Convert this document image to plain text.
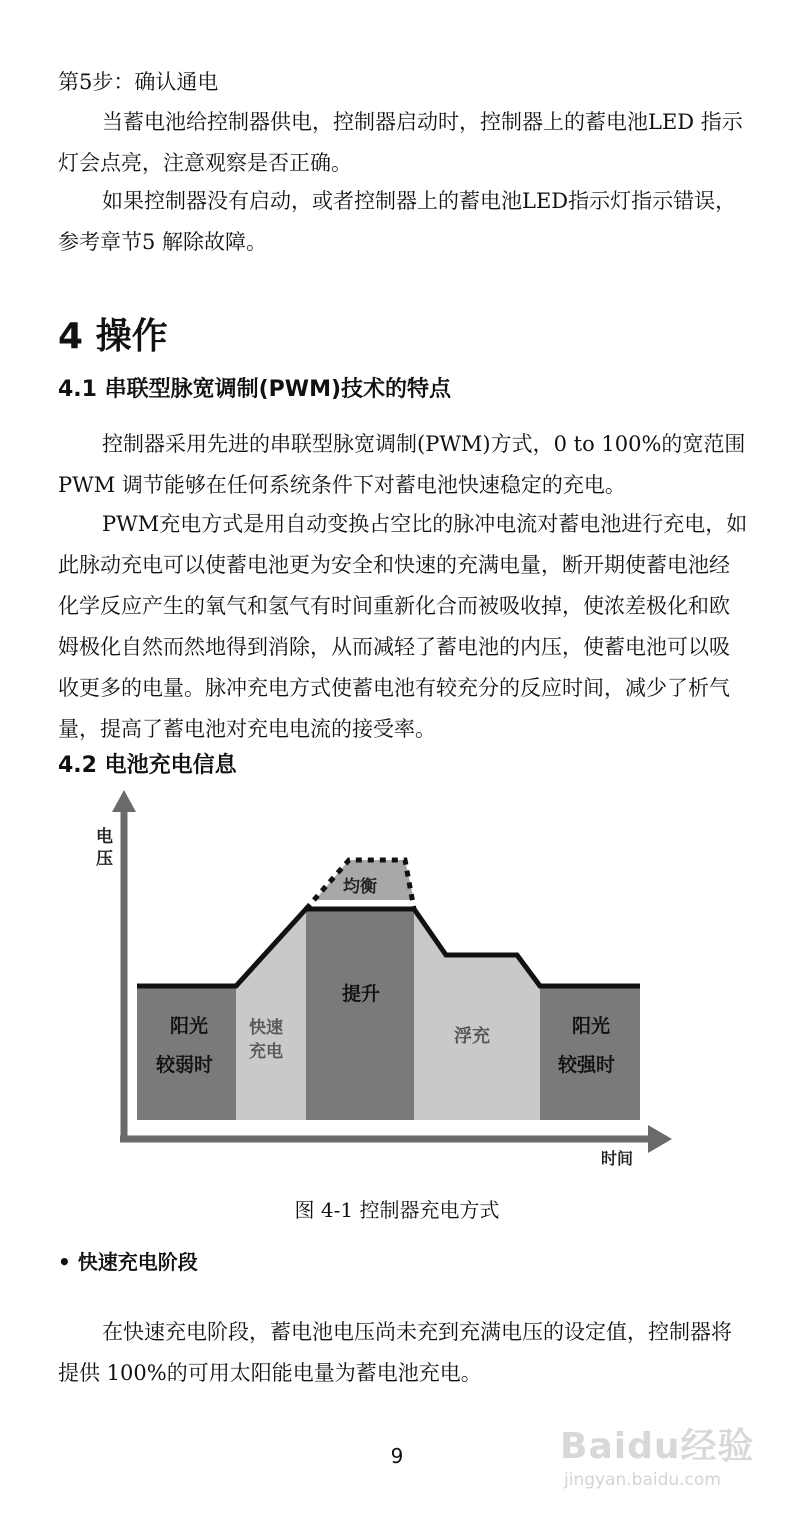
第5步：确认通电

当蓄电池给控制器供电，控制器启动时，控制器上的蓄电池LED 指示灯会点亮，注意观察是否正确。

如果控制器没有启动，或者控制器上的蓄电池LED指示灯指示错误，参考章节5 解除故障。

4 操作
4.1 串联型脉宽调制(PWM)技术的特点

控制器采用先进的串联型脉宽调制(PWM)方式，0 to 100%的宽范围PWM 调节能够在任何系统条件下对蓄电池快速稳定的充电。

PWM充电方式是用自动变换占空比的脉冲电流对蓄电池进行充电，如此脉动充电可以使蓄电池更为安全和快速的充满电量，断开期使蓄电池经化学反应产生的氧气和氢气有时间重新化合而被吸收掉，使浓差极化和欧姆极化自然而然地得到消除，从而减轻了蓄电池的内压，使蓄电池可以吸收更多的电量。脉冲充电方式使蓄电池有较充分的反应时间，减少了析气量，提高了蓄电池对充电电流的接受率。

4.2 电池充电信息
电
压
时间
均衡
阳光
较弱时
快速
充电
提升
浮充	阳光
较强时
图 4-1 控制器充电方式
• 快速充电阶段

在快速充电阶段，蓄电池电压尚未充到充满电压的设定值，控制器将提供 100%的可用太阳能电量为蓄电池充电。

9	Baidu经验
jingyan.baidu.com
